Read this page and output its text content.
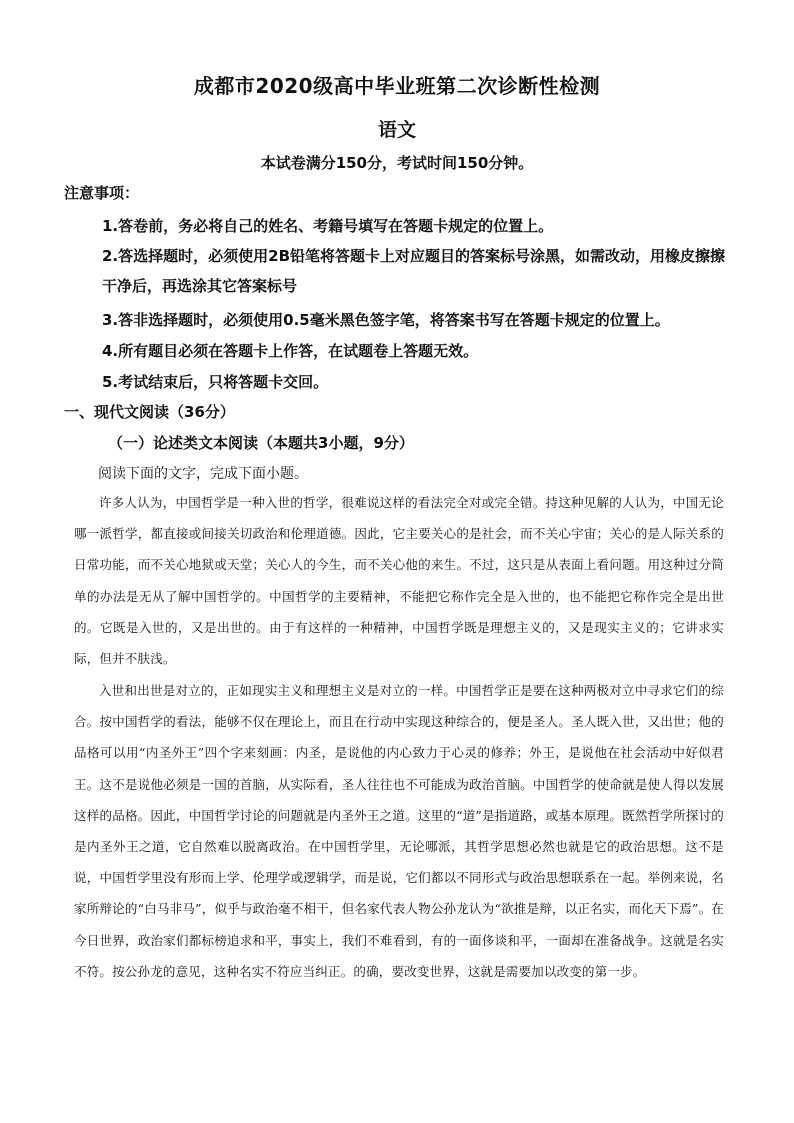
成都市2020级高中毕业班第二次诊断性检测
语文
本试卷满分150分，考试时间150分钟。
注意事项：
1.答卷前，务必将自己的姓名、考籍号填写在答题卡规定的位置上。
2.答选择题时，必须使用2B铅笔将答题卡上对应题目的答案标号涂黑，如需改动，用橡皮擦擦干净后，再选涂其它答案标号
3.答非选择题时，必须使用0.5毫米黑色签字笔，将答案书写在答题卡规定的位置上。
4.所有题目必须在答题卡上作答，在试题卷上答题无效。
5.考试结束后，只将答题卡交回。
一、现代文阅读（36分）
（一）论述类文本阅读（本题共3小题，9分）
阅读下面的文字，完成下面小题。

许多人认为，中国哲学是一种入世的哲学，很难说这样的看法完全对或完全错。持这种见解的人认为，中国无论哪一派哲学，都直接或间接关切政治和伦理道德。因此，它主要关心的是社会，而不关心宇宙；关心的是人际关系的日常功能，而不关心地狱或天堂；关心人的今生，而不关心他的来生。不过，这只是从表面上看问题。用这种过分简单的办法是无从了解中国哲学的。中国哲学的主要精神，不能把它称作完全是入世的，也不能把它称作完全是出世的。它既是入世的，又是出世的。由于有这样的一种精神，中国哲学既是理想主义的，又是现实主义的；它讲求实际，但并不肤浅。

入世和出世是对立的，正如现实主义和理想主义是对立的一样。中国哲学正是要在这种两极对立中寻求它们的综合。按中国哲学的看法，能够不仅在理论上，而且在行动中实现这种综合的，便是圣人。圣人既入世，又出世；他的品格可以用“内圣外王”四个字来刻画：内圣，是说他的内心致力于心灵的修养；外王，是说他在社会活动中好似君王。这不是说他必须是一国的首脑，从实际看，圣人往往也不可能成为政治首脑。中国哲学的使命就是使人得以发展这样的品格。因此，中国哲学讨论的问题就是内圣外王之道。这里的“道”是指道路，或基本原理。既然哲学所探讨的是内圣外王之道，它自然难以脱离政治。在中国哲学里，无论哪派，其哲学思想必然也就是它的政治思想。这不是说，中国哲学里没有形而上学、伦理学或逻辑学，而是说，它们都以不同形式与政治思想联系在一起。举例来说，名家所辩论的“白马非马”，似乎与政治毫不相干，但名家代表人物公孙龙认为“欲推是辩，以正名实，而化天下焉”。在今日世界，政治家们都标榜追求和平，事实上，我们不难看到，有的一面侈谈和平，一面却在准备战争。这就是名实不符。按公孙龙的意见，这种名实不符应当纠正。的确，要改变世界，这就是需要加以改变的第一步。
